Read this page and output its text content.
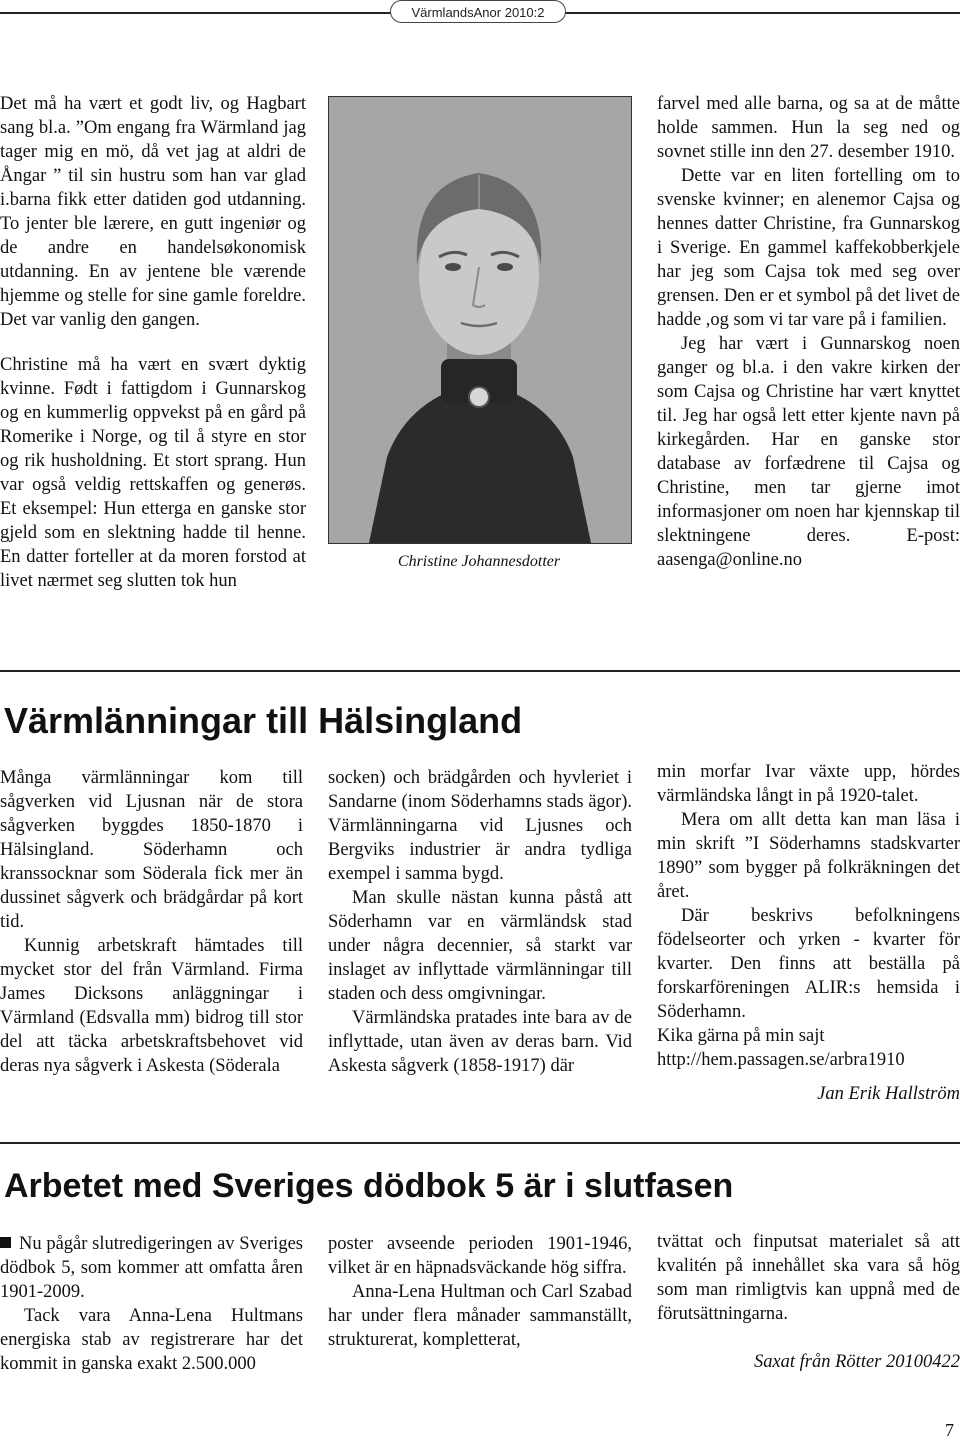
VärmlandsAnor 2010:2

Det må ha vært et godt liv, og Hagbart sang bl.a. ”Om engang fra Wärmland jag tager mig en mö, då vet jag at aldri de Ångar ” til sin hustru som han var glad i.barna fikk etter datiden god utdanning. To jenter ble lærere, en gutt ingeniør og de andre en handelsøkonomisk utdanning. En av jentene ble værende hjemme og stelle for sine gamle foreldre. Det var vanlig den gangen.

Christine må ha vært en svært dyktig kvinne. Født i fattigdom i Gunnarskog og en kummerlig oppvekst på en gård på Romerike i Norge, og til å styre en stor og rik husholdning. Et stort sprang. Hun var også veldig rettskaffen og generøs. Et eksempel: Hun etterga en ganske stor gjeld som en slektning hadde til henne. En datter forteller at da moren forstod at livet nærmet seg slutten tok hun

Christine Johannesdotter

farvel med alle barna, og sa at de måtte holde sammen. Hun la seg ned og sovnet stille inn den 27. desember 1910.

Dette var en liten fortelling om to svenske kvinner; en alenemor Cajsa og hennes datter Christine, fra Gunnarskog i Sverige. En gammel kaffekobberkjele har jeg som Cajsa tok med seg over grensen. Den er et symbol på det livet de hadde ,og som vi tar vare på i familien.

Jeg har vært i Gunnarskog noen ganger og bl.a. i den vakre kirken der som Cajsa og Christine har vært knyttet til. Jeg har også lett etter kjente navn på kirkegården. Har en ganske stor database av forfædrene til Cajsa og Christine, men tar gjerne imot informasjoner om noen har kjennskap til slektningene deres. E-post: aasenga@online.no

Värmlänningar till Hälsingland

Många värmlänningar kom till sågverken vid Ljusnan när de stora sågverken byggdes 1850-1870 i Hälsingland. Söderhamn och kranssocknar som Söderala fick mer än dussinet sågverk och brädgårdar på kort tid.

Kunnig arbetskraft hämtades till mycket stor del från Värmland. Firma James Dicksons anläggningar i Värmland (Edsvalla mm) bidrog till stor del att täcka arbetskraftsbehovet vid deras nya sågverk i Askesta (Söderala

socken) och brädgården och hyvleriet i Sandarne (inom Söderhamns stads ägor). Värmlänningarna vid Ljusnes och Bergviks industrier är andra tydliga exempel i samma bygd.

Man skulle nästan kunna påstå att Söderhamn var en värmländsk stad under några decennier, så starkt var inslaget av inflyttade värmlänningar till staden och dess omgivningar.

Värmländska pratades inte bara av de inflyttade, utan även av deras barn. Vid Askesta sågverk (1858-1917) där

min morfar Ivar växte upp, hördes värmländska långt in på 1920-talet.

Mera om allt detta kan man läsa i min skrift ”I Söderhamns stadskvarter 1890” som bygger på folkräkningen det året.

Där beskrivs befolkningens födelseorter och yrken - kvarter för kvarter. Den finns att beställa på forskarföreningen ALIR:s hemsida i Söderhamn.

Kika gärna på min sajt http://hem.passagen.se/arbra1910

Jan Erik Hallström

Arbetet med Sveriges dödbok 5 är i slutfasen

Nu pågår slutredigeringen av Sveriges dödbok 5, som kommer att omfatta åren 1901-2009.

Tack vara Anna-Lena Hultmans energiska stab av registrerare har det kommit in ganska exakt 2.500.000

poster avseende perioden 1901-1946, vilket är en häpnadsväckande hög siffra.

Anna-Lena Hultman och Carl Szabad har under flera månader sammanställt, strukturerat, kompletterat,

tvättat och finputsat materialet så att kvalitén på innehållet ska vara så hög som man rimligtvis kan uppnå med de förutsättningarna.

Saxat från Rötter 20100422

7
